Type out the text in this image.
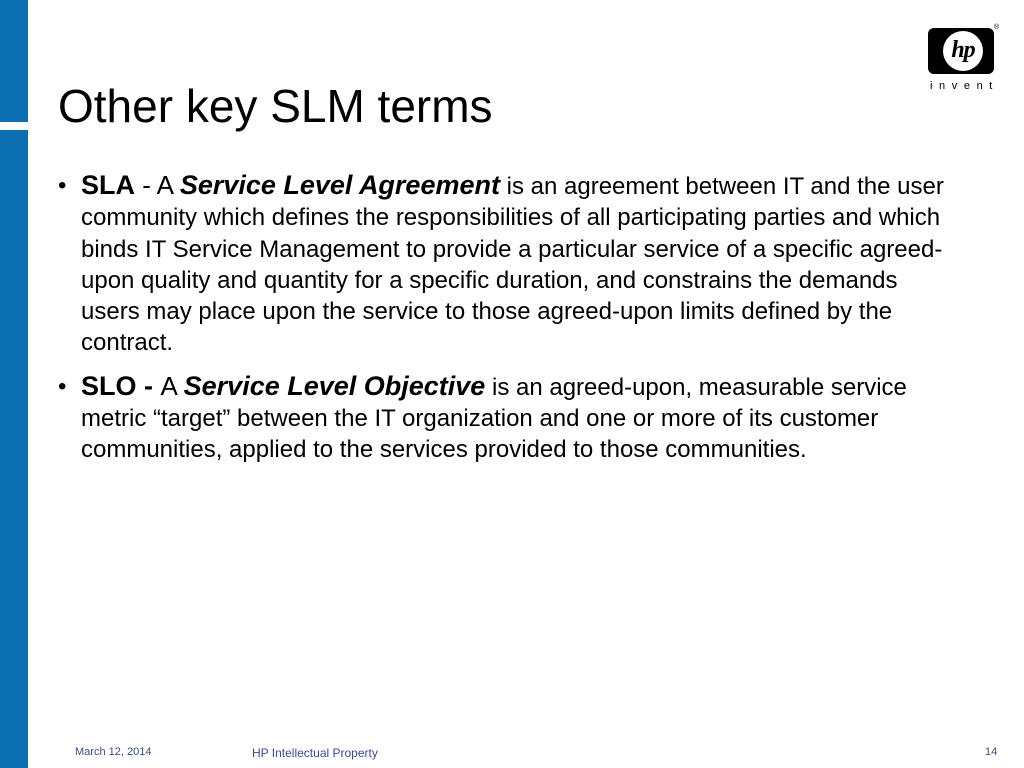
Other key SLM terms
hp
®
invent
• SLA - A Service Level Agreement is an agreement between IT and the user community which defines the responsibilities of all participating parties and which binds IT Service Management to provide a particular service of a specific agreed-upon quality and quantity for a specific duration, and constrains the demands users may place upon the service to those agreed-upon limits defined by the contract.
• SLO - A Service Level Objective is an agreed-upon, measurable service metric “target” between the IT organization and one or more of its customer communities, applied to the services provided to those communities.
March 12, 2014	HP Intellectual Property	14
